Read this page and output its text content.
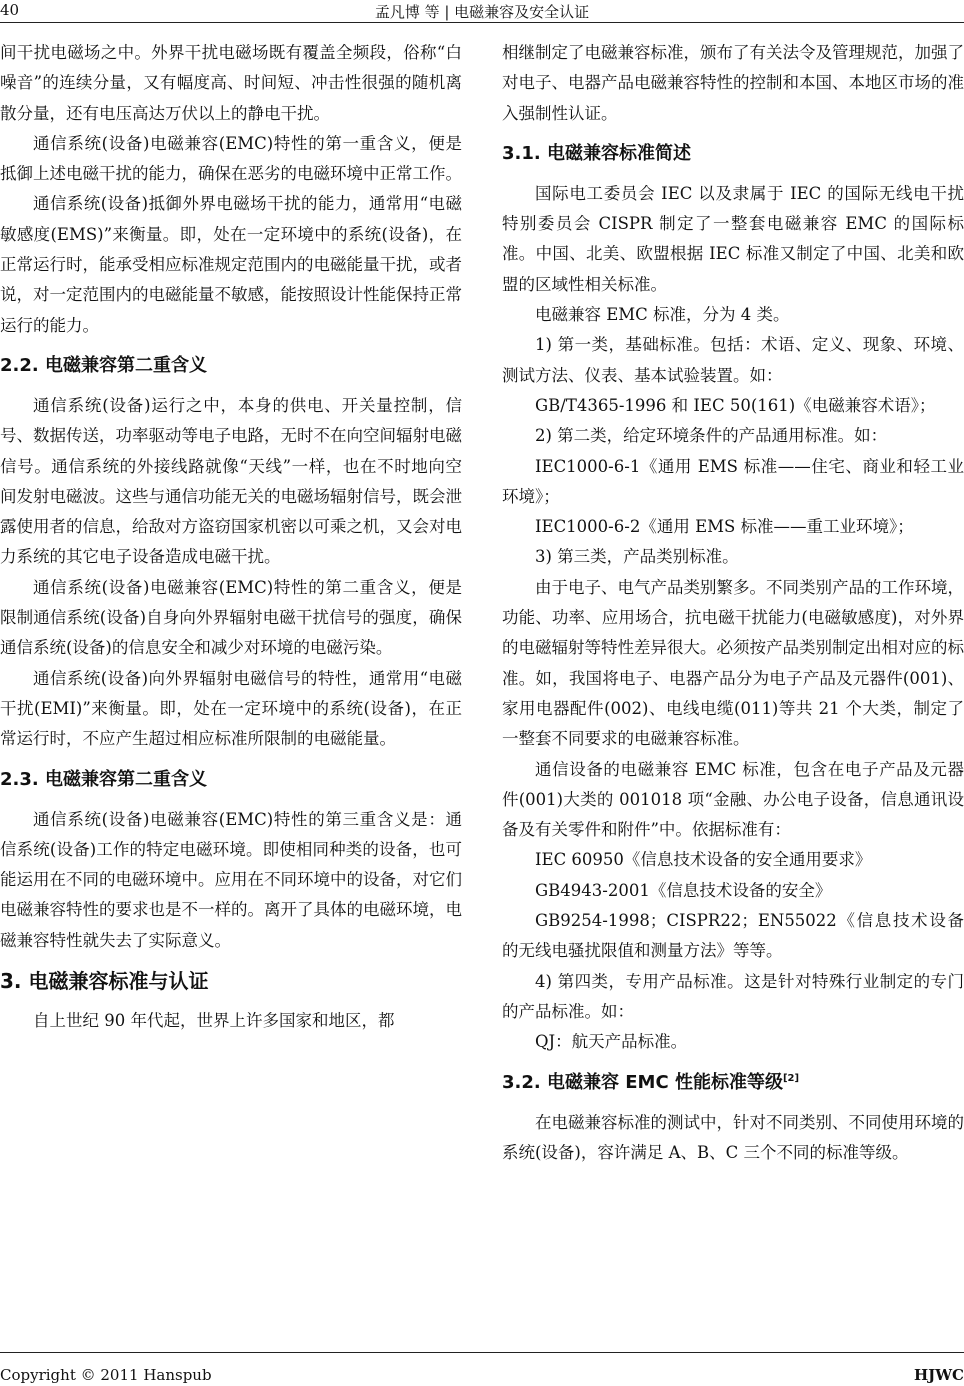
40	孟凡博 等 | 电磁兼容及安全认证

间干扰电磁场之中。外界干扰电磁场既有覆盖全频段，俗称“白噪音”的连续分量，又有幅度高、时间短、冲击性很强的随机离散分量，还有电压高达万伏以上的静电干扰。

通信系统(设备)电磁兼容(EMC)特性的第一重含义，便是抵御上述电磁干扰的能力，确保在恶劣的电磁环境中正常工作。

通信系统(设备)抵御外界电磁场干扰的能力，通常用“电磁敏感度(EMS)”来衡量。即，处在一定环境中的系统(设备)，在正常运行时，能承受相应标准规定范围内的电磁能量干扰，或者说，对一定范围内的电磁能量不敏感，能按照设计性能保持正常运行的能力。

2.2. 电磁兼容第二重含义

通信系统(设备)运行之中，本身的供电、开关量控制，信号、数据传送，功率驱动等电子电路，无时不在向空间辐射电磁信号。通信系统的外接线路就像“天线”一样，也在不时地向空间发射电磁波。这些与通信功能无关的电磁场辐射信号，既会泄露使用者的信息，给敌对方盗窃国家机密以可乘之机，又会对电力系统的其它电子设备造成电磁干扰。

通信系统(设备)电磁兼容(EMC)特性的第二重含义，便是限制通信系统(设备)自身向外界辐射电磁干扰信号的强度，确保通信系统(设备)的信息安全和减少对环境的电磁污染。

通信系统(设备)向外界辐射电磁信号的特性，通常用“电磁干扰(EMI)”来衡量。即，处在一定环境中的系统(设备)，在正常运行时，不应产生超过相应标准所限制的电磁能量。

2.3. 电磁兼容第二重含义

通信系统(设备)电磁兼容(EMC)特性的第三重含义是：通信系统(设备)工作的特定电磁环境。即使相同种类的设备，也可能运用在不同的电磁环境中。应用在不同环境中的设备，对它们电磁兼容特性的要求也是不一样的。离开了具体的电磁环境，电磁兼容特性就失去了实际意义。

3. 电磁兼容标准与认证

自上世纪 90 年代起，世界上许多国家和地区，都

相继制定了电磁兼容标准，颁布了有关法令及管理规范，加强了对电子、电器产品电磁兼容特性的控制和本国、本地区市场的准入强制性认证。

3.1. 电磁兼容标准简述

国际电工委员会 IEC 以及隶属于 IEC 的国际无线电干扰特别委员会 CISPR 制定了一整套电磁兼容 EMC 的国际标准。中国、北美、欧盟根据 IEC 标准又制定了中国、北美和欧盟的区域性相关标准。

电磁兼容 EMC 标准，分为 4 类。

1) 第一类，基础标准。包括：术语、定义、现象、环境、测试方法、仪表、基本试验装置。如：

GB/T4365-1996 和 IEC 50(161)《电磁兼容术语》；

2) 第二类，给定环境条件的产品通用标准。如：

IEC1000-6-1《通用 EMS 标准——住宅、商业和轻工业环境》；

IEC1000-6-2《通用 EMS 标准——重工业环境》；

3) 第三类，产品类别标准。

由于电子、电气产品类别繁多。不同类别产品的工作环境，功能、功率、应用场合，抗电磁干扰能力(电磁敏感度)，对外界的电磁辐射等特性差异很大。必须按产品类别制定出相对应的标准。如，我国将电子、电器产品分为电子产品及元器件(001)、家用电器配件(002)、电线电缆(011)等共 21 个大类，制定了一整套不同要求的电磁兼容标准。

通信设备的电磁兼容 EMC 标准，包含在电子产品及元器件(001)大类的 001018 项“金融、办公电子设备，信息通讯设备及有关零件和附件”中。依据标准有：

IEC 60950《信息技术设备的安全通用要求》

GB4943-2001《信息技术设备的安全》

GB9254-1998；CISPR22；EN55022《信息技术设备的无线电骚扰限值和测量方法》等等。

4) 第四类，专用产品标准。这是针对特殊行业制定的专门的产品标准。如：

QJ：航天产品标准。

3.2. 电磁兼容 EMC 性能标准等级[2]

在电磁兼容标准的测试中，针对不同类别、不同使用环境的系统(设备)，容许满足 A、B、C 三个不同的标准等级。

Copyright © 2011 Hanspub	HJWC
